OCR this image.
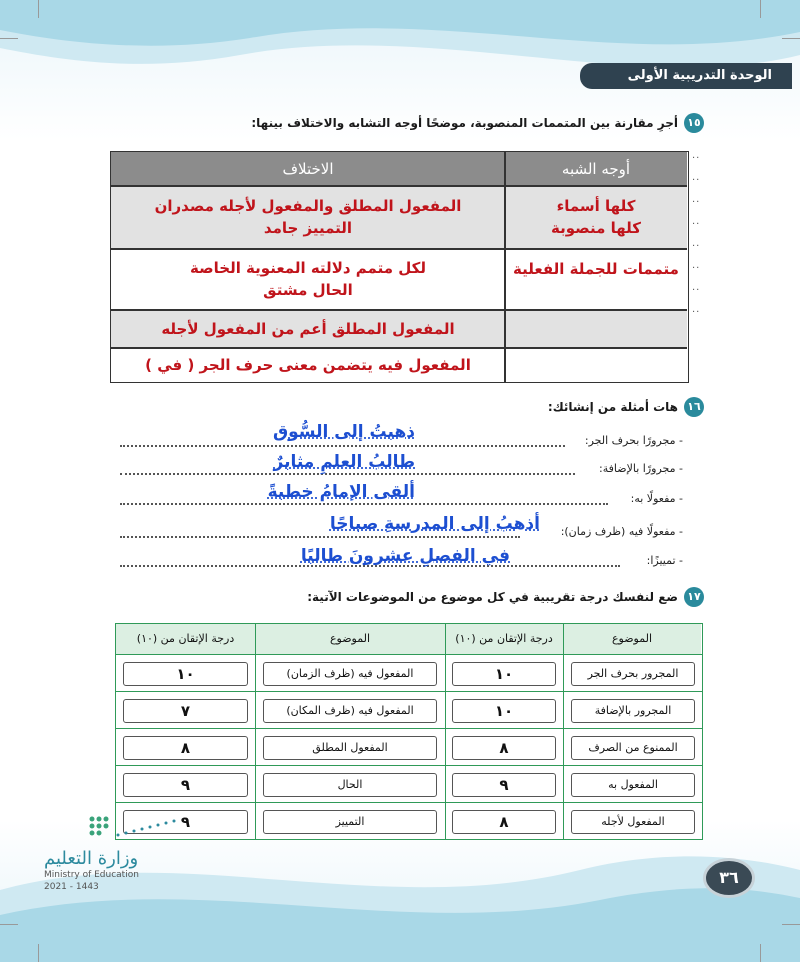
الوحدة التدريبية الأولى
١٥
أجرِ مقارنة بين المتممات المنصوبة، موضحًا أوجه التشابه والاختلاف بينها:
أوجه الشبه
الاختلاف
كلها أسماء
كلها منصوبة
المفعول المطلق والمفعول لأجله مصدران
التمييز جامد
متممات للجملة الفعلية
لكل متمم دلالته المعنوية الخاصة
الحال مشتق
المفعول المطلق أعم من المفعول لأجله
المفعول فيه يتضمن معنى حرف الجر ( في )
..

..

..

..

..

..

..

..
١٦
هات أمثلة من إنشائك:
- مجرورًا بحرف الجر:
ذهبتُ إلى السُّوق
- مجرورًا بالإضافة:
طالبُ العلمِ مثابرٌ
- مفعولًا به:
ألقى الإمامُ خطبةً
- مفعولًا فيه (ظرف زمان):
أذهبُ إلى المدرسةِ صباحًا
- تمييزًا:
في الفصلِ عشرونَ طالبًا
١٧
ضع لنفسك درجة تقريبية في كل موضوع من الموضوعات الآتية:
الموضوع
درجة الإتقان من (١٠)
الموضوع
درجة الإتقان من (١٠)
المجرور بحرف الجر
١٠
المفعول فيه (ظرف الزمان)
١٠
المجرور بالإضافة
١٠
المفعول فيه (ظرف المكان)
٧
الممنوع من الصرف
٨
المفعول المطلق
٨
المفعول به
٩
الحال
٩
المفعول لأجله
٨
التمييز
٩
وزارة التعليم
Ministry of Education
2021 - 1443	٣٦
